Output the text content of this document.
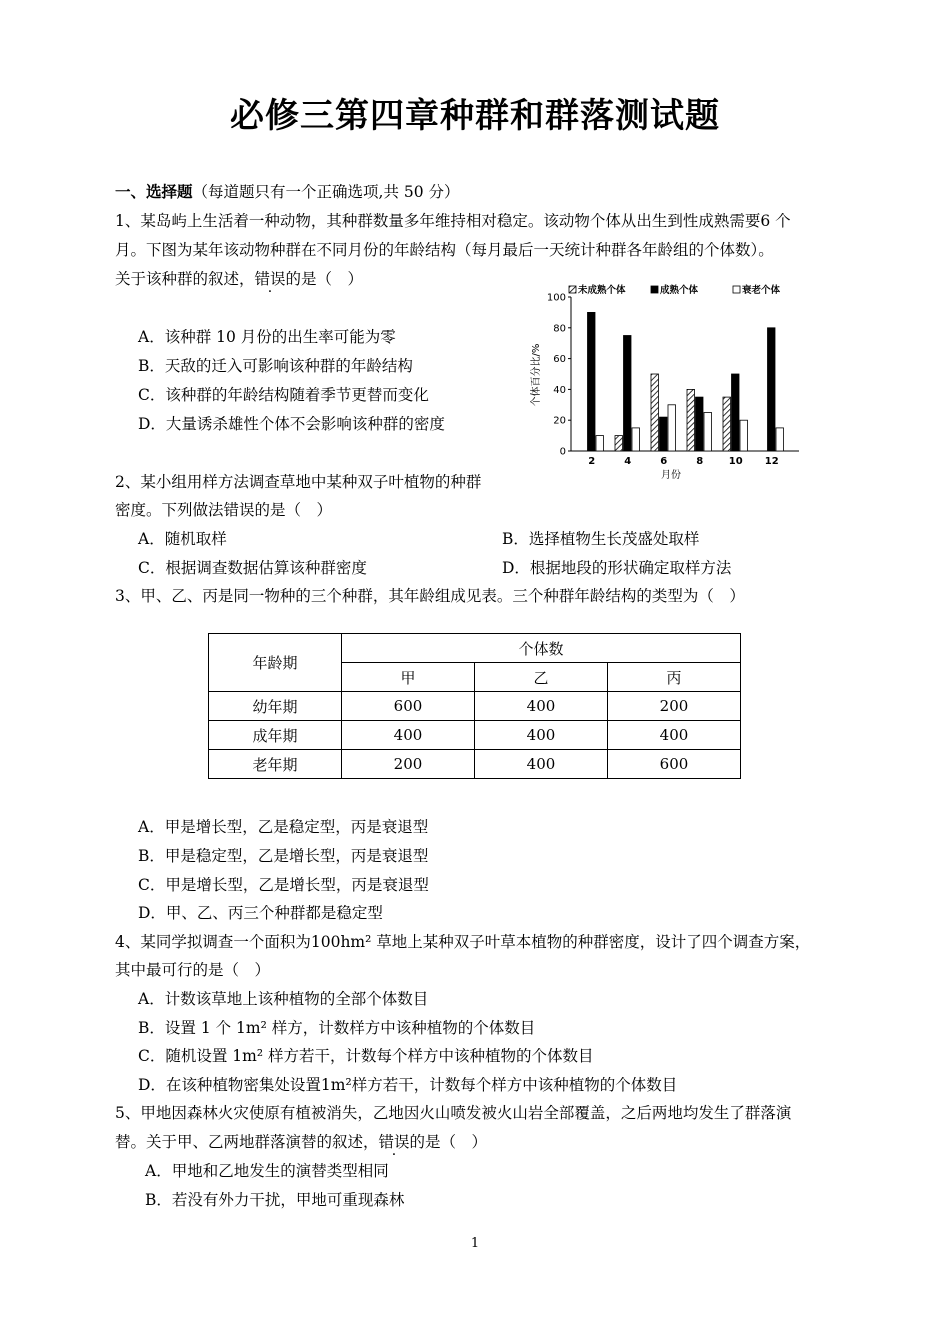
必修三第四章种群和群落测试题
一、选择题（每道题只有一个正确选项,共 50 分）
1、某岛屿上生活着一种动物，其种群数量多年维持相对稳定。该动物个体从出生到性成熟需要6 个
月。下图为某年该动物种群在不同月份的年龄结构（每月最后一天统计种群各年龄组的个体数）。
关于该种群的叙述，错误的是（　）
A．该种群 10 月份的出生率可能为零
B．天敌的迁入可影响该种群的年龄结构
C．该种群的年龄结构随着季节更替而变化
D．大量诱杀雄性个体不会影响该种群的密度
未成熟个体	成熟个体	衰老个体
0
20
40
60
80
100
2	4	6	8	10 12
个体百分比/%
月份
2、某小组用样方法调查草地中某种双子叶植物的种群
密度。下列做法错误的是（　）
A．随机取样	B．选择植物生长茂盛处取样
C．根据调查数据估算该种群密度	D．根据地段的形状确定取样方法
3、甲、乙、丙是同一物种的三个种群，其年龄组成见表。三个种群年龄结构的类型为（　）
年龄期	个体数		
	甲	乙	丙
幼年期	600	400	200
成年期	400	400	400
老年期	200	400	600
A．甲是增长型，乙是稳定型，丙是衰退型
B．甲是稳定型，乙是增长型，丙是衰退型
C．甲是增长型，乙是增长型，丙是衰退型
D．甲、乙、丙三个种群都是稳定型
4、某同学拟调查一个面积为100hm² 草地上某种双子叶草本植物的种群密度，设计了四个调查方案，
其中最可行的是（　）
A．计数该草地上该种植物的全部个体数目
B．设置 1 个 1m² 样方，计数样方中该种植物的个体数目
C．随机设置 1m² 样方若干，计数每个样方中该种植物的个体数目
D．在该种植物密集处设置1m²样方若干，计数每个样方中该种植物的个体数目
5、甲地因森林火灾使原有植被消失，乙地因火山喷发被火山岩全部覆盖，之后两地均发生了群落演
替。关于甲、乙两地群落演替的叙述，错误的是（　）
A．甲地和乙地发生的演替类型相同
B．若没有外力干扰，甲地可重现森林
1
